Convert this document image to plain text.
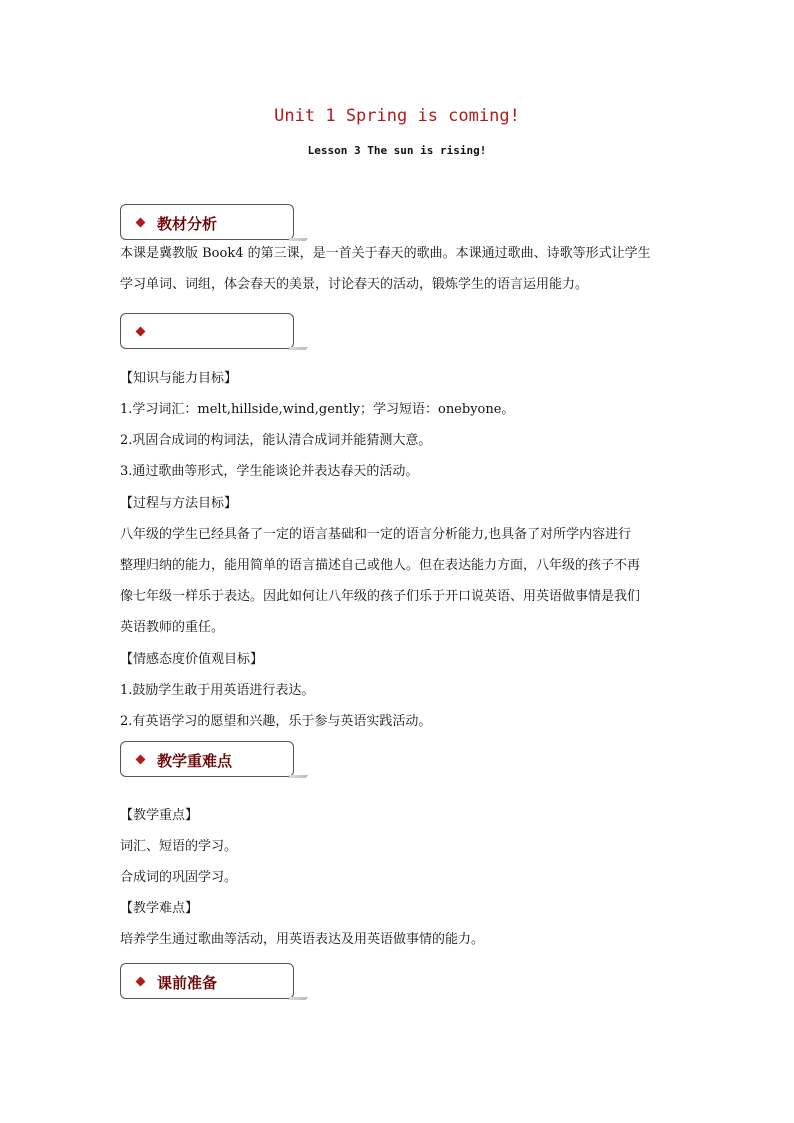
Unit 1 Spring is coming!
Lesson 3 The sun is rising!
教材分析
本课是冀教版 Book4 的第三课，是一首关于春天的歌曲。本课通过歌曲、诗歌等形式让学生
学习单词、词组，体会春天的美景，讨论春天的活动，锻炼学生的语言运用能力。
【知识与能力目标】
1.学习词汇：melt,hillside,wind,gently；学习短语：onebyone。
2.巩固合成词的构词法，能认清合成词并能猜测大意。
3.通过歌曲等形式，学生能谈论并表达春天的活动。
【过程与方法目标】
八年级的学生已经具备了一定的语言基础和一定的语言分析能力,也具备了对所学内容进行
整理归纳的能力，能用简单的语言描述自己或他人。但在表达能力方面，八年级的孩子不再
像七年级一样乐于表达。因此如何让八年级的孩子们乐于开口说英语、用英语做事情是我们
英语教师的重任。
【情感态度价值观目标】
1.鼓励学生敢于用英语进行表达。
2.有英语学习的愿望和兴趣，乐于参与英语实践活动。
教学重难点
【教学重点】
词汇、短语的学习。
合成词的巩固学习。
【教学难点】
培养学生通过歌曲等活动，用英语表达及用英语做事情的能力。
课前准备
